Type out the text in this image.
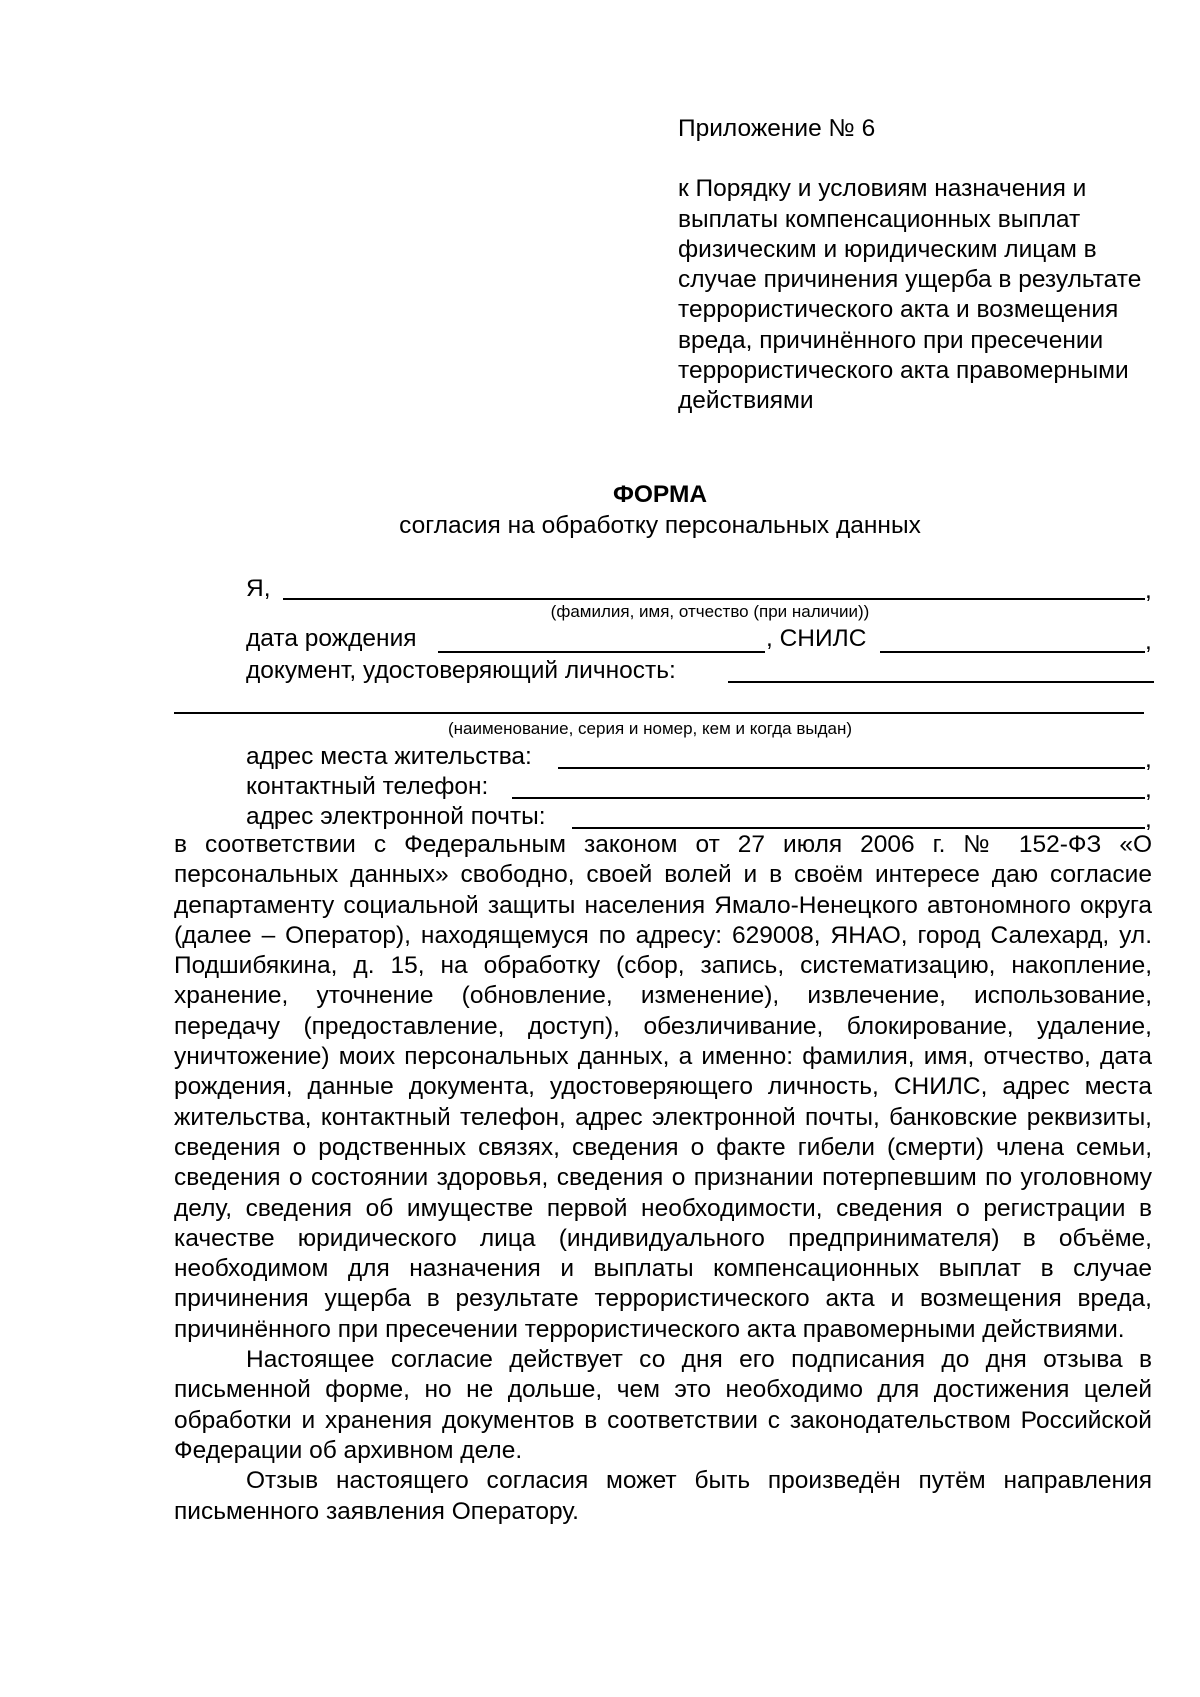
Приложение № 6
к Порядку и условиям назначения и выплаты компенсационных выплат физическим и юридическим лицам в случае причинения ущерба в результате террористического акта и возмещения вреда, причинённого при пресечении террористического акта правомерными действиями
ФОРМА
согласия на обработку персональных данных
Я,	,
(фамилия, имя, отчество (при наличии))
дата рождения	, СНИЛС	,
документ, удостоверяющий личность:
(наименование, серия и номер, кем и когда выдан)
адрес места жительства:	,
контактный телефон:	,
адрес электронной почты:	,

в соответствии с Федеральным законом от 27 июля 2006 г. № 152-ФЗ «О персональных данных» свободно, своей волей и в своём интересе даю согласие департаменту социальной защиты населения Ямало-Ненецкого автономного округа (далее – Оператор), находящемуся по адресу: 629008, ЯНАО, город Салехард, ул. Подшибякина, д. 15, на обработку (сбор, запись, систематизацию, накопление, хранение, уточнение (обновление, изменение), извлечение, использование, передачу (предоставление, доступ), обезличивание, блокирование, удаление, уничтожение) моих персональных данных, а именно: фамилия, имя, отчество, дата рождения, данные документа, удостоверяющего личность, СНИЛС, адрес места жительства, контактный телефон, адрес электронной почты, банковские реквизиты, сведения о родственных связях, сведения о факте гибели (смерти) члена семьи, сведения о состоянии здоровья, сведения о признании потерпевшим по уголовному делу, сведения об имуществе первой необходимости, сведения о регистрации в качестве юридического лица (индивидуального предпринимателя) в объёме, необходимом для назначения и выплаты компенсационных выплат в случае причинения ущерба в результате террористического акта и возмещения вреда, причинённого при пресечении террористического акта правомерными действиями.

Настоящее согласие действует со дня его подписания до дня отзыва в письменной форме, но не дольше, чем это необходимо для достижения целей обработки и хранения документов в соответствии с законодательством Российской Федерации об архивном деле.

Отзыв настоящего согласия может быть произведён путём направления письменного заявления Оператору.
